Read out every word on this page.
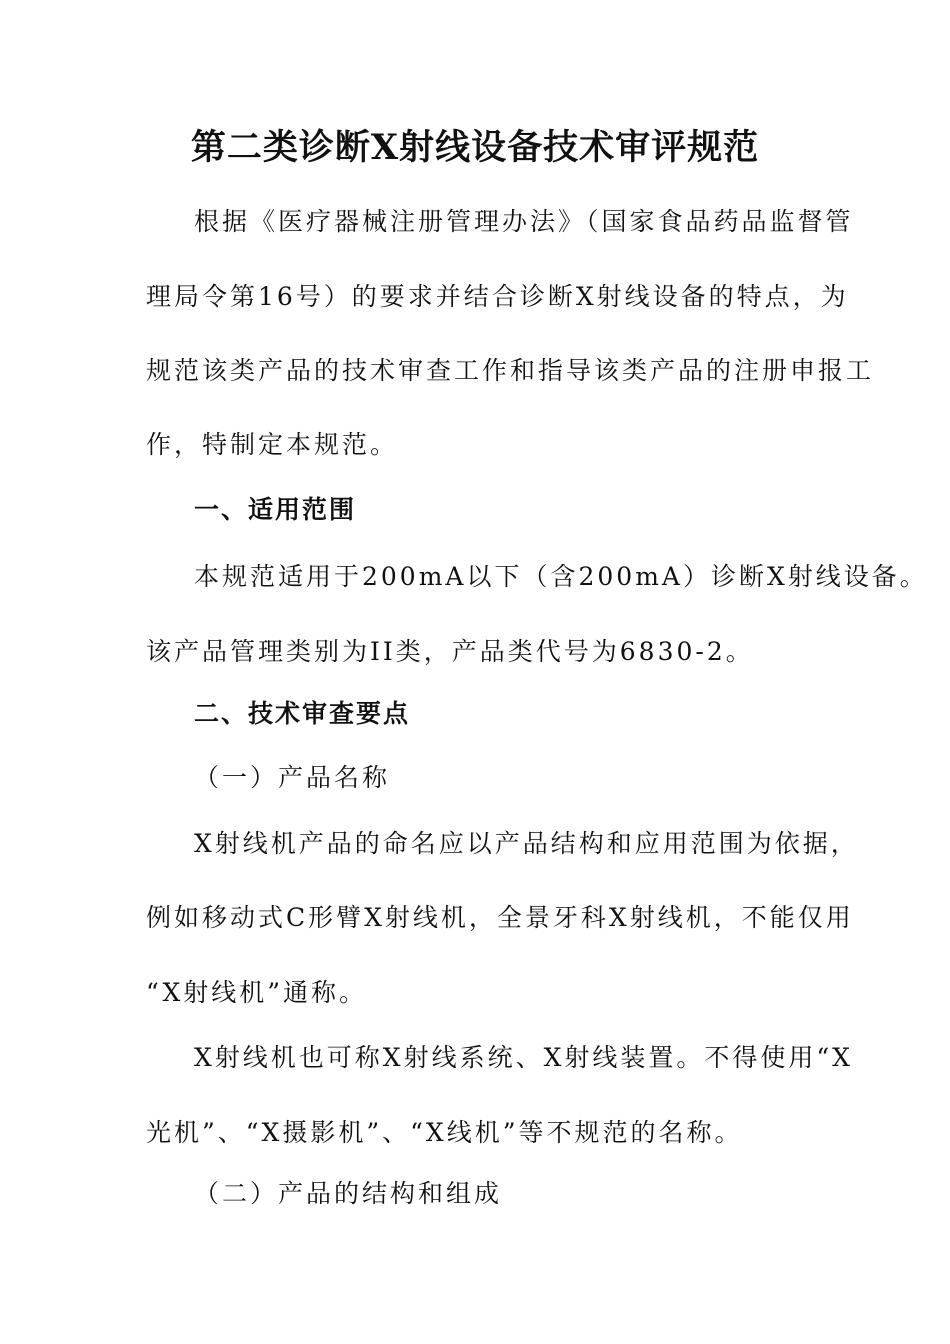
第二类诊断X射线设备技术审评规范
根据《医疗器械注册管理办法》（国家食品药品监督管
理局令第16号）的要求并结合诊断X射线设备的特点，为
规范该类产品的技术审查工作和指导该类产品的注册申报工
作，特制定本规范。
一、适用范围
本规范适用于200mA以下（含200mA）诊断X射线设备。
该产品管理类别为II类，产品类代号为6830-2。
二、技术审查要点
（一）产品名称
X射线机产品的命名应以产品结构和应用范围为依据，
例如移动式C形臂X射线机，全景牙科X射线机，不能仅用
“X射线机”通称。
X射线机也可称X射线系统、X射线装置。不得使用“X
光机”、“X摄影机”、“X线机”等不规范的名称。
（二）产品的结构和组成
